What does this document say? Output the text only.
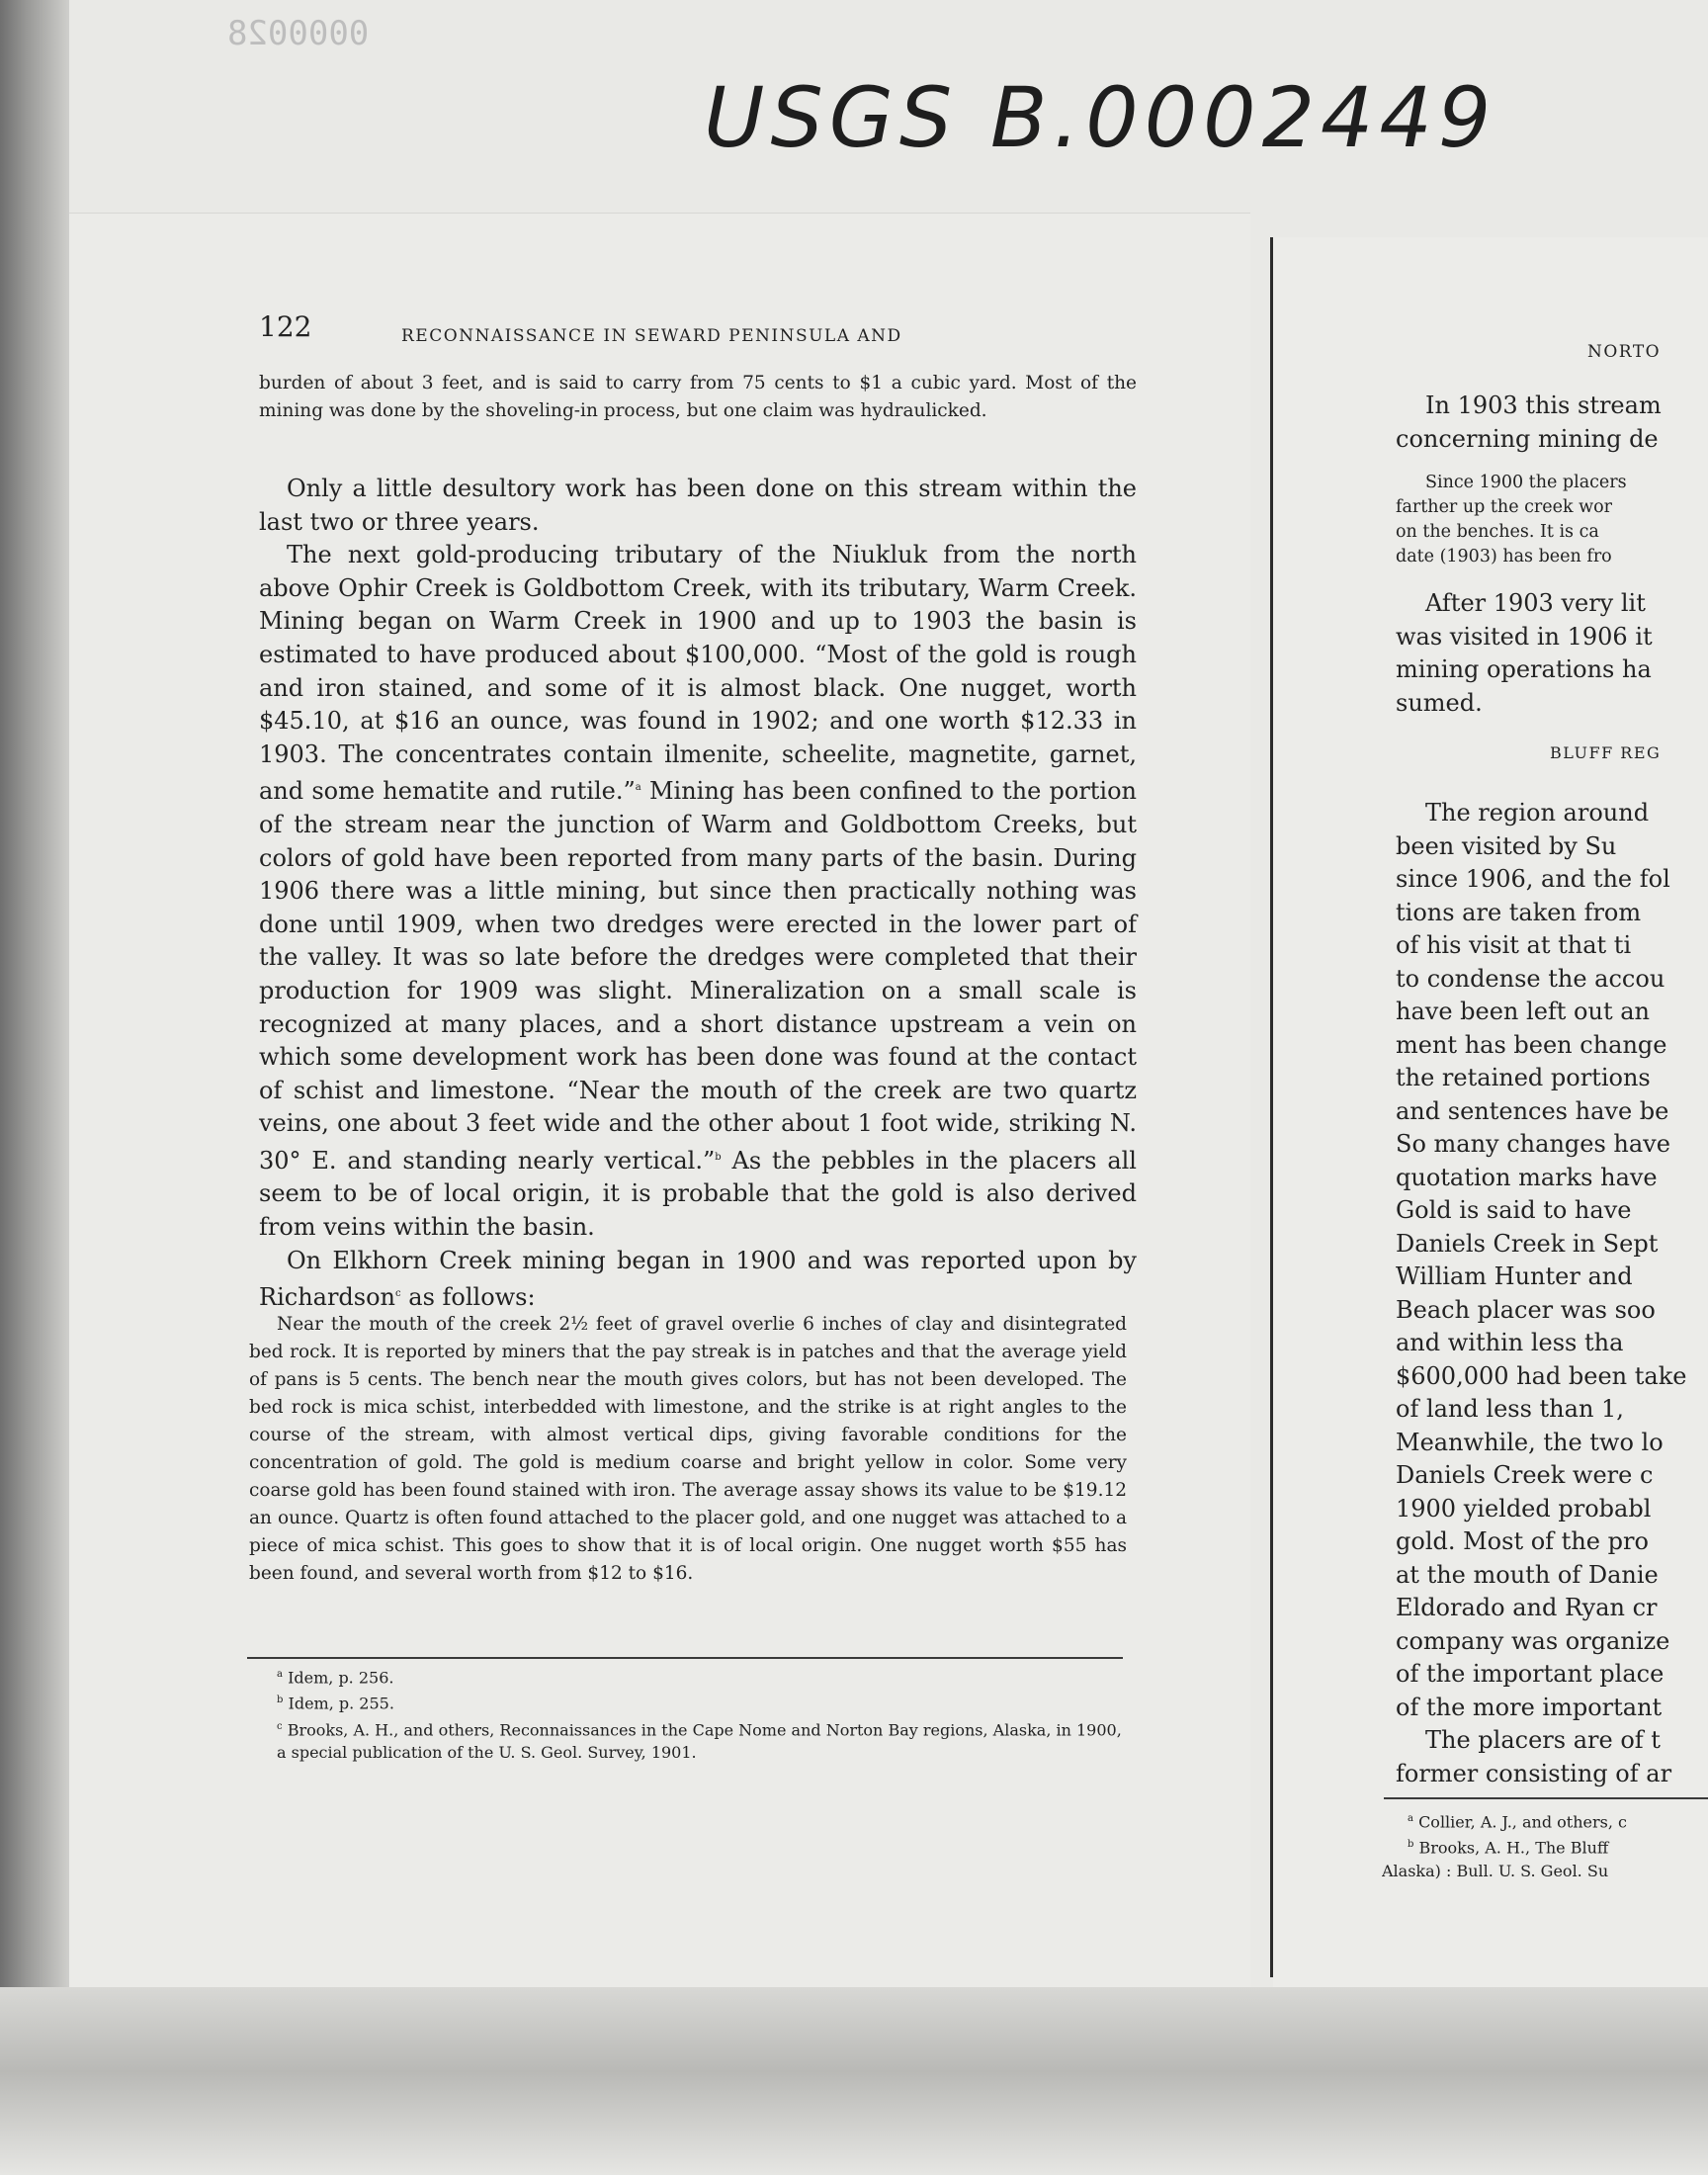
0000028
USGS B.0002449
122	RECONNAISSANCE IN SEWARD PENINSULA AND
burden of about 3 feet, and is said to carry from 75 cents to $1 a cubic yard. Most of the mining was done by the shoveling-in process, but one claim was hydraulicked.

Only a little desultory work has been done on this stream within the last two or three years.

The next gold-producing tributary of the Niukluk from the north above Ophir Creek is Goldbottom Creek, with its tributary, Warm Creek. Mining began on Warm Creek in 1900 and up to 1903 the basin is estimated to have produced about $100,000. “Most of the gold is rough and iron stained, and some of it is almost black. One nugget, worth $45.10, at $16 an ounce, was found in 1902; and one worth $12.33 in 1903. The concentrates contain ilmenite, scheelite, magnetite, garnet, and some hematite and rutile.”$^a$ Mining has been confined to the portion of the stream near the junction of Warm and Goldbottom Creeks, but colors of gold have been reported from many parts of the basin. During 1906 there was a little mining, but since then practically nothing was done until 1909, when two dredges were erected in the lower part of the valley. It was so late before the dredges were completed that their production for 1909 was slight. Mineralization on a small scale is recognized at many places, and a short distance upstream a vein on which some development work has been done was found at the contact of schist and limestone. “Near the mouth of the creek are two quartz veins, one about 3 feet wide and the other about 1 foot wide, striking N. 30° E. and standing nearly vertical.”$^b$ As the pebbles in the placers all seem to be of local origin, it is probable that the gold is also derived from veins within the basin.

On Elkhorn Creek mining began in 1900 and was reported upon by Richardson$^c$ as follows:

Near the mouth of the creek 2½ feet of gravel overlie 6 inches of clay and disintegrated bed rock. It is reported by miners that the pay streak is in patches and that the average yield of pans is 5 cents. The bench near the mouth gives colors, but has not been developed. The bed rock is mica schist, interbedded with limestone, and the strike is at right angles to the course of the stream, with almost vertical dips, giving favorable conditions for the concentration of gold. The gold is medium coarse and bright yellow in color. Some very coarse gold has been found stained with iron. The average assay shows its value to be $19.12 an ounce. Quartz is often found attached to the placer gold, and one nugget was attached to a piece of mica schist. This goes to show that it is of local origin. One nugget worth $55 has been found, and several worth from $12 to $16.

$^a$ Idem, p. 256.

$^b$ Idem, p. 255.

$^c$ Brooks, A. H., and others, Reconnaissances in the Cape Nome and Norton Bay regions, Alaska, in 1900, a special publication of the U. S. Geol. Survey, 1901.

NORTO
In 1903 this stream
concerning mining de
Since 1900 the placers
farther up the creek wor
on the benches. It is ca
date (1903) has been fro
After 1903 very lit
was visited in 1906 it
mining operations ha
sumed.
BLUFF REG
The region around
been visited by Su
since 1906, and the fol
tions are taken from
of his visit at that ti
to condense the accou
have been left out an
ment has been change
the retained portions
and sentences have be
So many changes have
quotation marks have
Gold is said to have
Daniels Creek in Sept
William Hunter and
Beach placer was soo
and within less tha
$600,000 had been take
of land less than 1,
Meanwhile, the two lo
Daniels Creek were c
1900 yielded probabl
gold. Most of the pro
at the mouth of Danie
Eldorado and Ryan cr
company was organize
of the important place
of the more important
The placers are of t
former consisting of ar
$^a$ Collier, A. J., and others, c
$^b$ Brooks, A. H., The Bluff
Alaska) : Bull. U. S. Geol. Su
